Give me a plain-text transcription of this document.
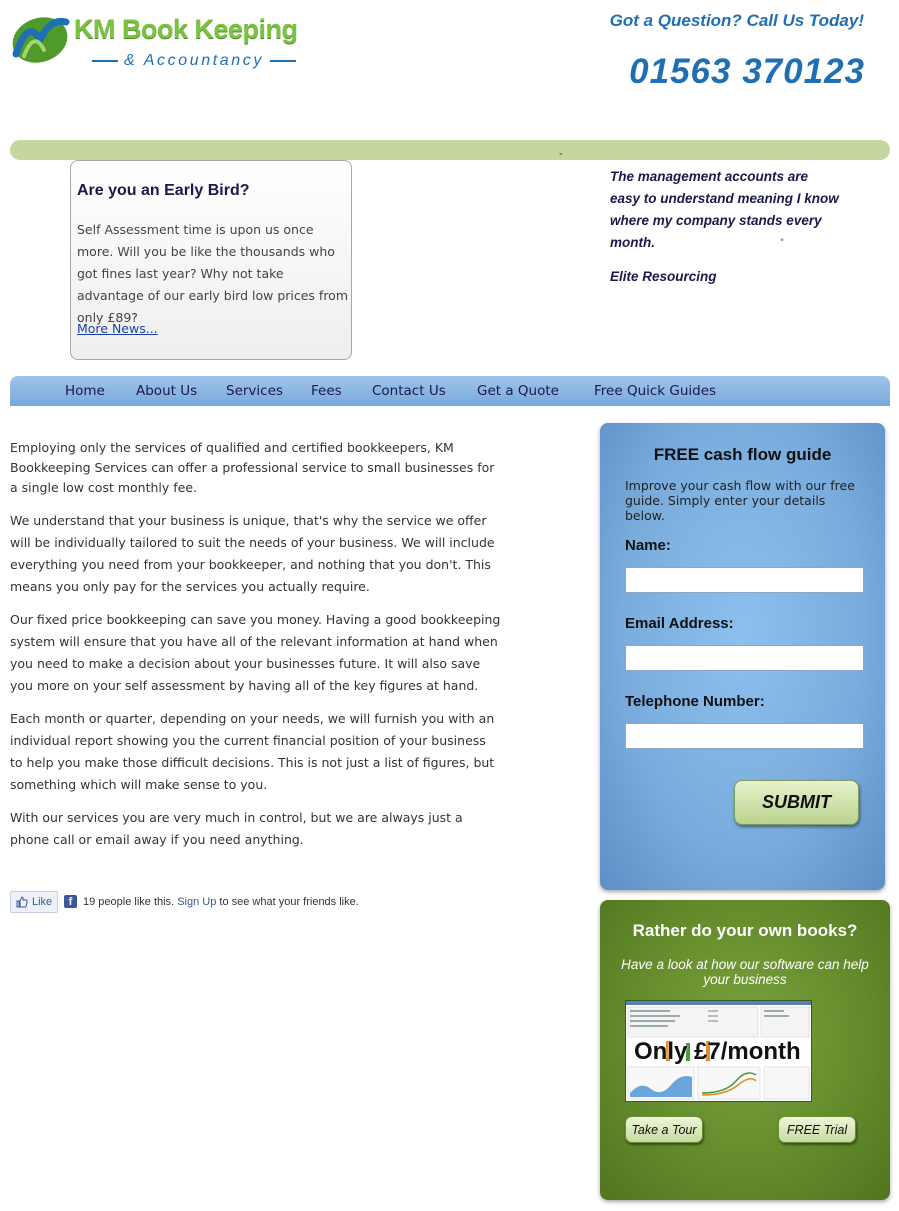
KM Book Keeping
& Accountancy
Got a Question? Call Us Today!
01563 370123
"
Are you an Early Bird?
Self Assessment time is upon us once more. Will you be like the thousands who got fines last year? Why not take advantage of our early bird low prices from only £89?
More News...
The management accounts are easy to understand meaning I know where my company stands every month.	"
Elite Resourcing
Home About Us Services Fees Contact Us Get a Quote	Free Quick Guides

Employing only the services of qualified and certified bookkeepers, KM Bookkeeping Services can offer a professional service to small businesses for a single low cost monthly fee.

We understand that your business is unique, that's why the service we offer will be individually tailored to suit the needs of your business. We will include everything you need from your bookkeeper, and nothing that you don't. This means you only pay for the services you actually require.

Our fixed price bookkeeping can save you money. Having a good bookkeeping system will ensure that you have all of the relevant information at hand when you need to make a decision about your businesses future. It will also save you more on your self assessment by having all of the key figures at hand.

Each month or quarter, depending on your needs, we will furnish you with an individual report showing you the current financial position of your business to help you make those difficult decisions. This is not just a list of figures, but something which will make sense to you.

With our services you are very much in control, but we are always just a phone call or email away if you need anything.

Like	f 19 people like this. Sign Up to see what your friends like.
FREE cash flow guide
Improve your cash flow with our free guide. Simply enter your details below.
Name:
Email Address:
Telephone Number:
SUBMIT
Rather do your own books?
Have a look at how our software can help your business
Only £7/month
Take a Tour	FREE Trial
